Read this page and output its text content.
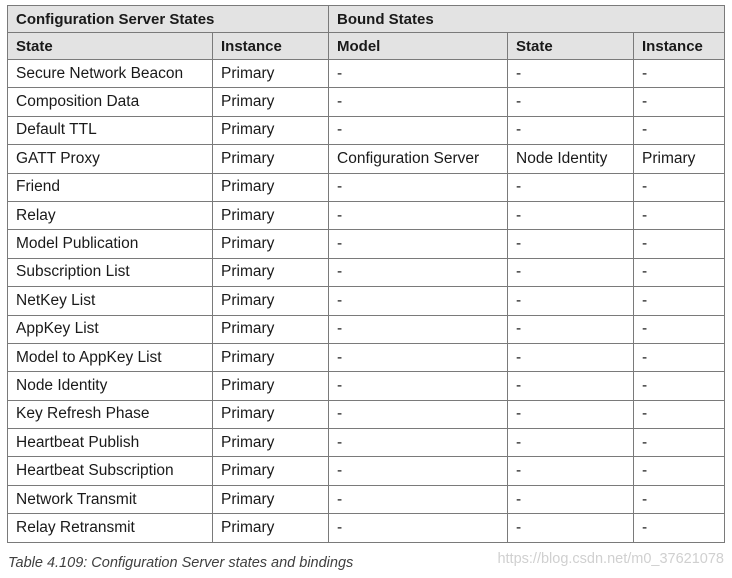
Configuration Server States		Bound States		
State	Instance	Model	State	Instance
Secure Network Beacon	Primary	-	-	-
Composition Data	Primary	-	-	-
Default TTL	Primary	-	-	-
GATT Proxy	Primary	Configuration Server	Node Identity	Primary
Friend	Primary	-	-	-
Relay	Primary	-	-	-
Model Publication	Primary	-	-	-
Subscription List	Primary	-	-	-
NetKey List	Primary	-	-	-
AppKey List	Primary	-	-	-
Model to AppKey List	Primary	-	-	-
Node Identity	Primary	-	-	-
Key Refresh Phase	Primary	-	-	-
Heartbeat Publish	Primary	-	-	-
Heartbeat Subscription	Primary	-	-	-
Network Transmit	Primary	-	-	-
Relay Retransmit	Primary	-	-	-
Table 4.109: Configuration Server states and bindings	https://blog.csdn.net/m0_37621078
